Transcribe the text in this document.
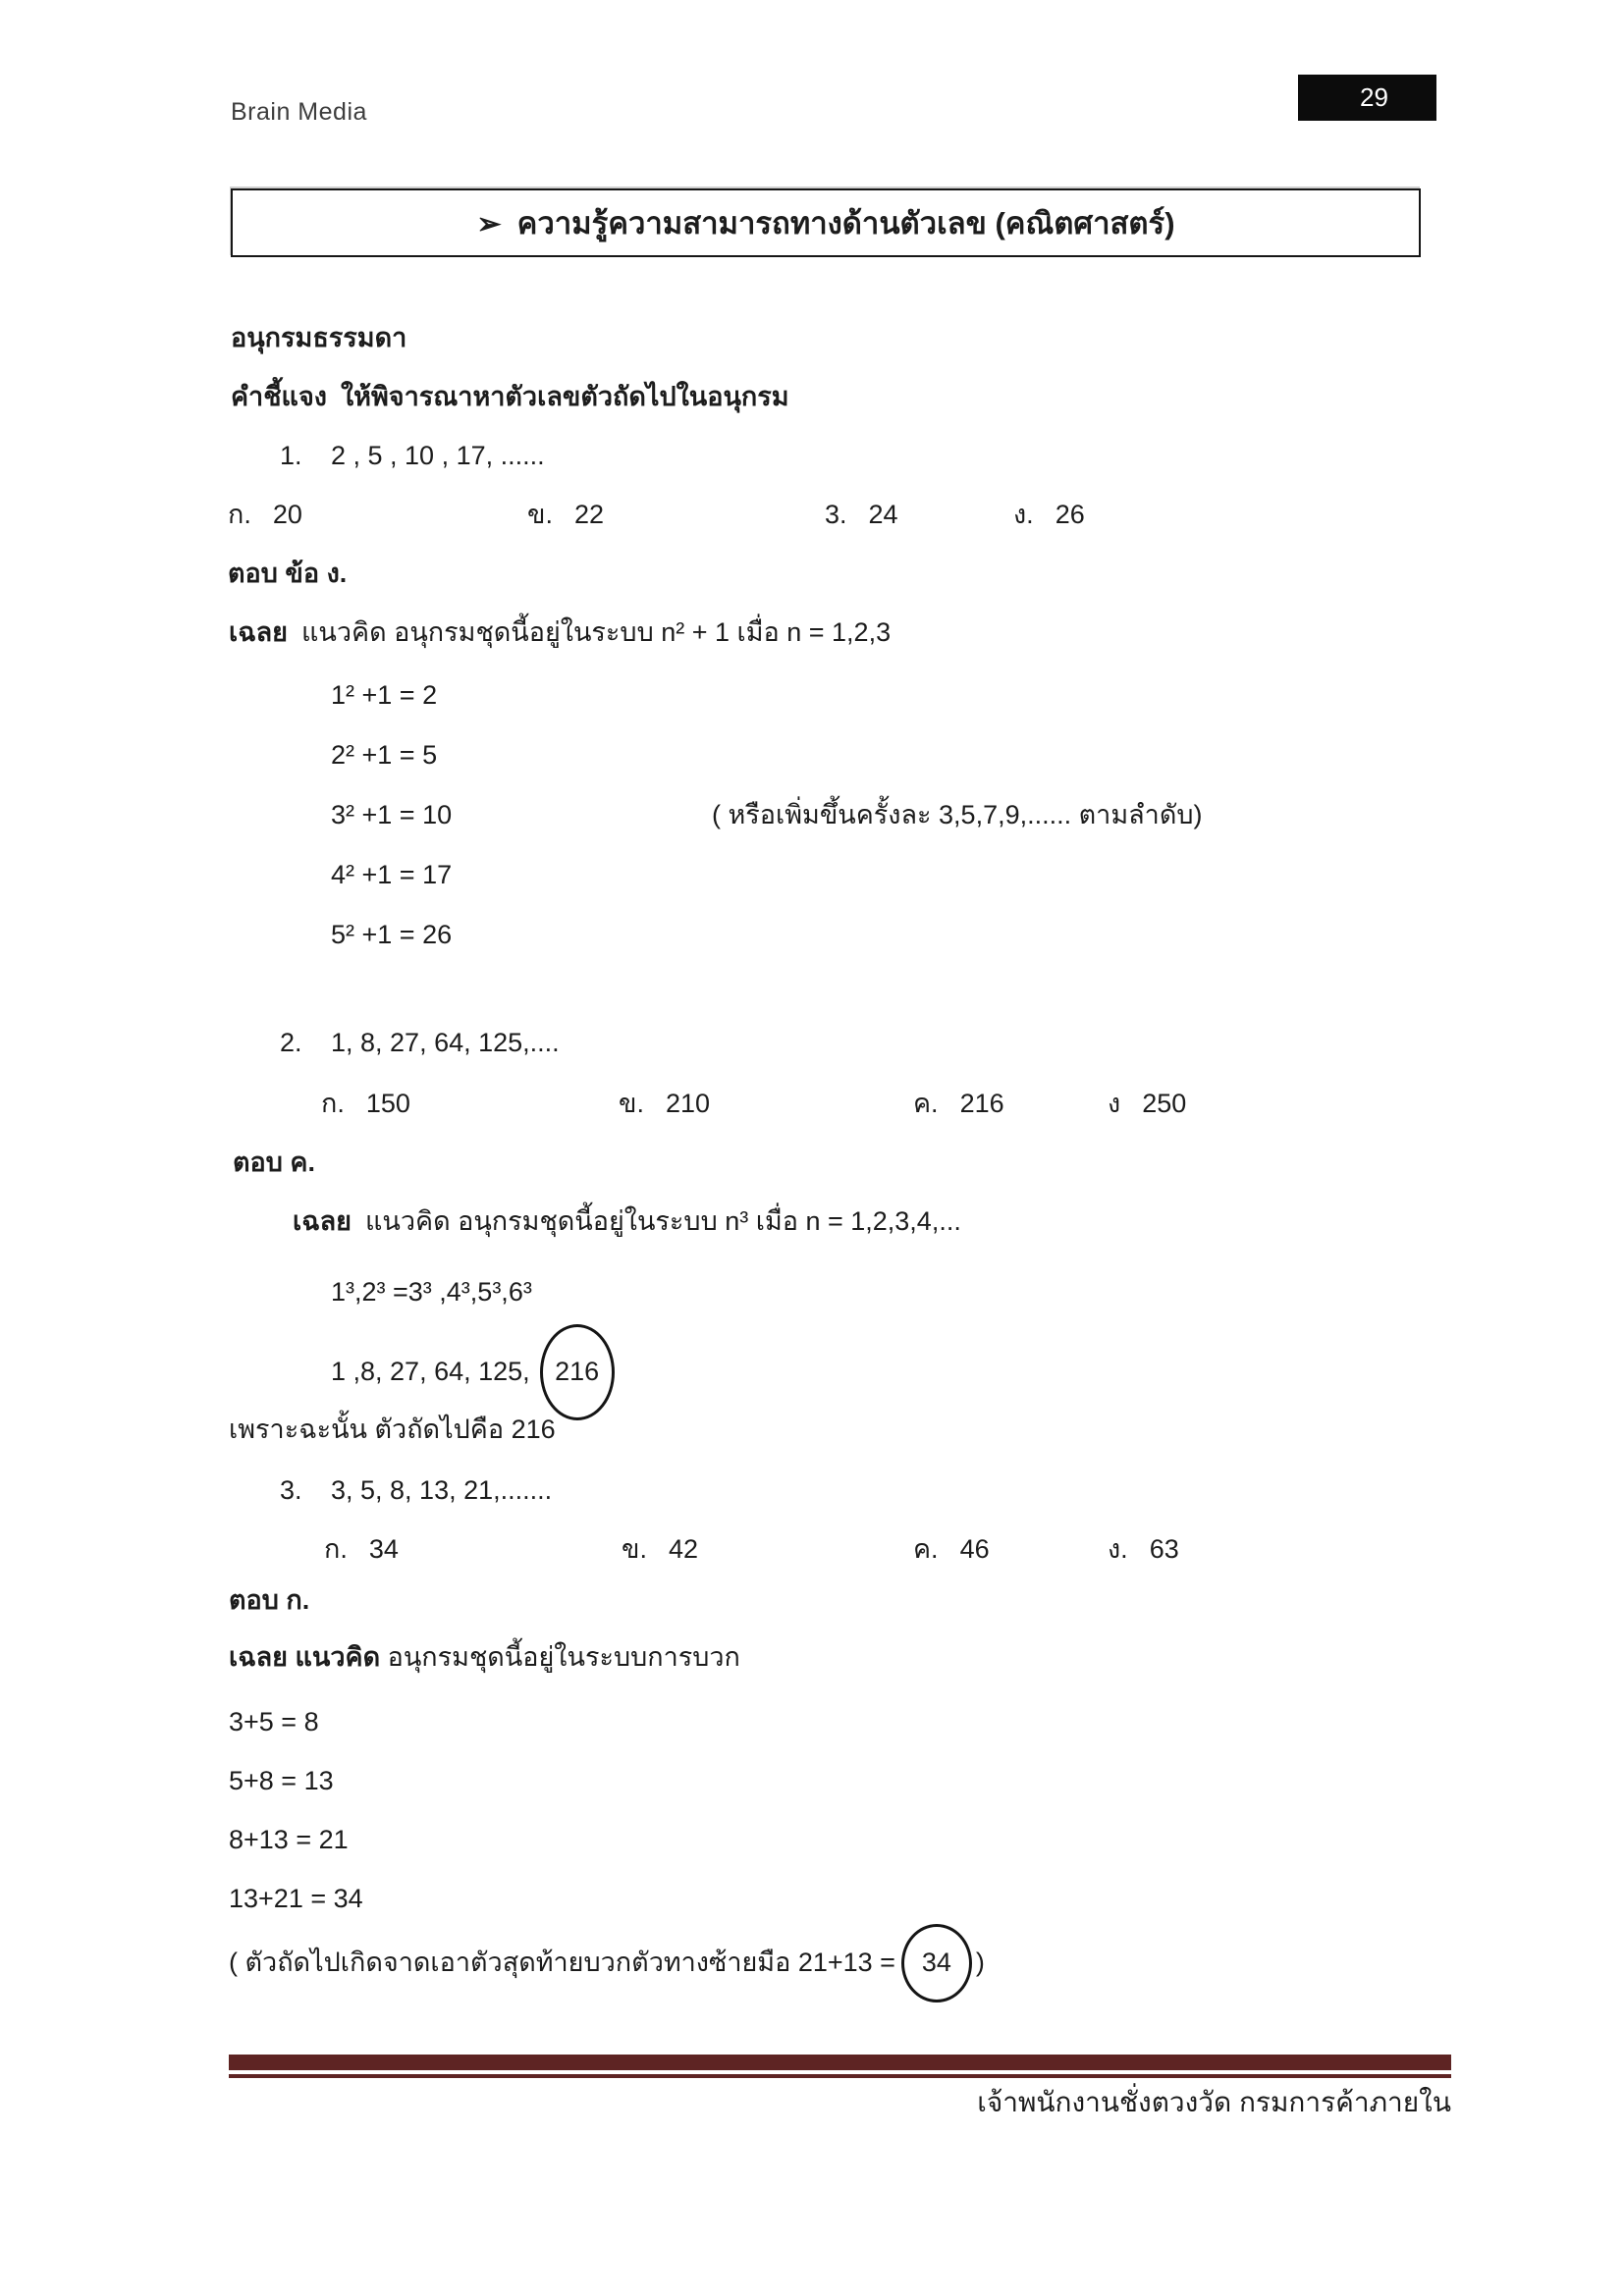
Brain Media	29
➢ ความรู้ความสามารถทางด้านตัวเลข (คณิตศาสตร์)
อนุกรมธรรมดา
คำชี้แจง ให้พิจารณาหาตัวเลขตัวถัดไปในอนุกรม
1. 2 , 5 , 10 , 17, ......
ก. 20	ข. 22	3. 24	ง. 26
ตอบ ข้อ ง.
เฉลย แนวคิด อนุกรมชุดนี้อยู่ในระบบ n² + 1 เมื่อ n = 1,2,3
1² +1 = 2
2² +1 = 5
3² +1 = 10	( หรือเพิ่มขึ้นครั้งละ 3,5,7,9,...... ตามลำดับ)
4² +1 = 17
5² +1 = 26
2. 1, 8, 27, 64, 125,....
ก. 150	ข. 210	ค. 216	ง 250
ตอบ ค.
เฉลย แนวคิด อนุกรมชุดนี้อยู่ในระบบ n³ เมื่อ n = 1,2,3,4,...
1³,2³ =3³ ,4³,5³,6³
1 ,8, 27, 64, 125, 216
เพราะฉะนั้น ตัวถัดไปคือ 216
3. 3, 5, 8, 13, 21,.......
ก. 34	ข. 42	ค. 46	ง. 63
ตอบ ก.
เฉลย แนวคิด อนุกรมชุดนี้อยู่ในระบบการบวก
3+5 = 8
5+8 = 13
8+13 = 21
13+21 = 34
( ตัวถัดไปเกิดจาดเอาตัวสุดท้ายบวกตัวทางซ้ายมือ 21+13 = 34 )
เจ้าพนักงานชั่งตวงวัด กรมการค้าภายใน
